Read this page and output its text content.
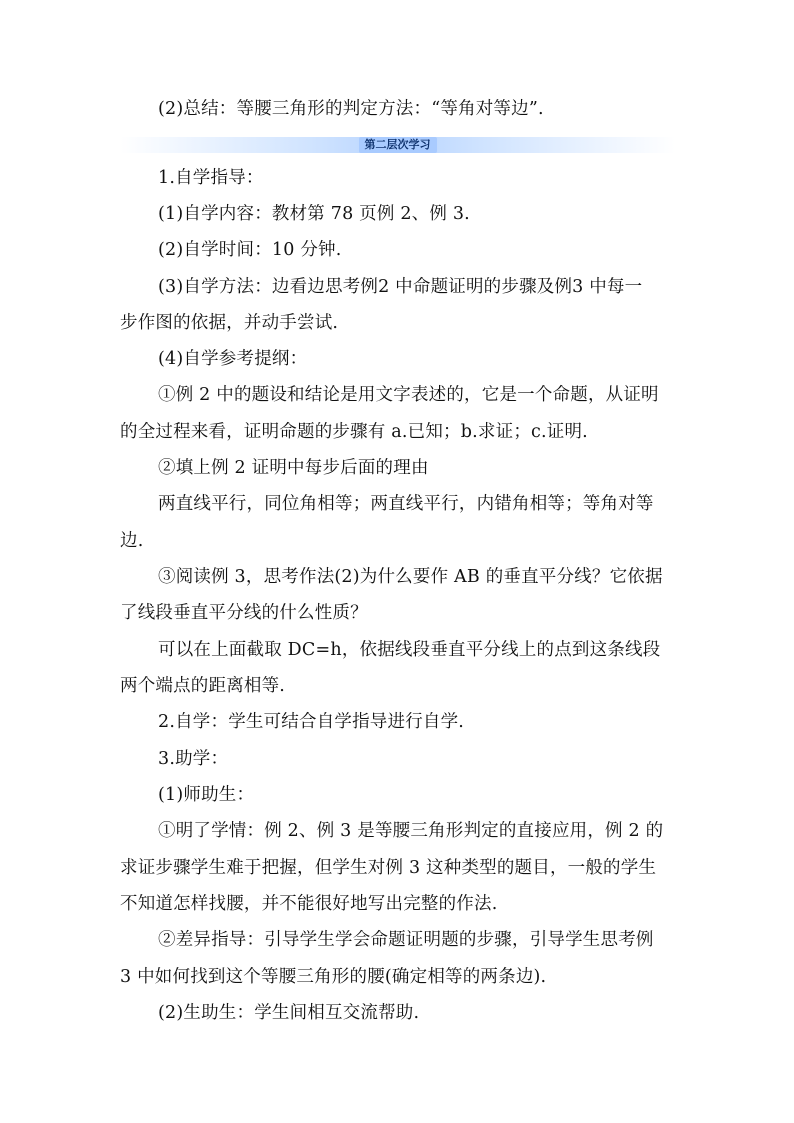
(2)总结：等腰三角形的判定方法：“等角对等边”.
第二层次学习
1.自学指导：
(1)自学内容：教材第 78 页例 2、例 3.
(2)自学时间：10 分钟.
(3)自学方法：边看边思考例2 中命题证明的步骤及例3 中每一
步作图的依据，并动手尝试.
(4)自学参考提纲：
①例 2 中的题设和结论是用文字表述的，它是一个命题，从证明
的全过程来看，证明命题的步骤有 a.已知；b.求证；c.证明.
②填上例 2 证明中每步后面的理由
两直线平行，同位角相等；两直线平行，内错角相等；等角对等
边.
③阅读例 3，思考作法(2)为什么要作 AB 的垂直平分线？它依据
了线段垂直平分线的什么性质？
可以在上面截取 DC=h，依据线段垂直平分线上的点到这条线段
两个端点的距离相等.
2.自学：学生可结合自学指导进行自学.
3.助学：
(1)师助生：
①明了学情：例 2、例 3 是等腰三角形判定的直接应用，例 2 的
求证步骤学生难于把握，但学生对例 3 这种类型的题目，一般的学生
不知道怎样找腰，并不能很好地写出完整的作法.
②差异指导：引导学生学会命题证明题的步骤，引导学生思考例
3 中如何找到这个等腰三角形的腰(确定相等的两条边).
(2)生助生：学生间相互交流帮助.
